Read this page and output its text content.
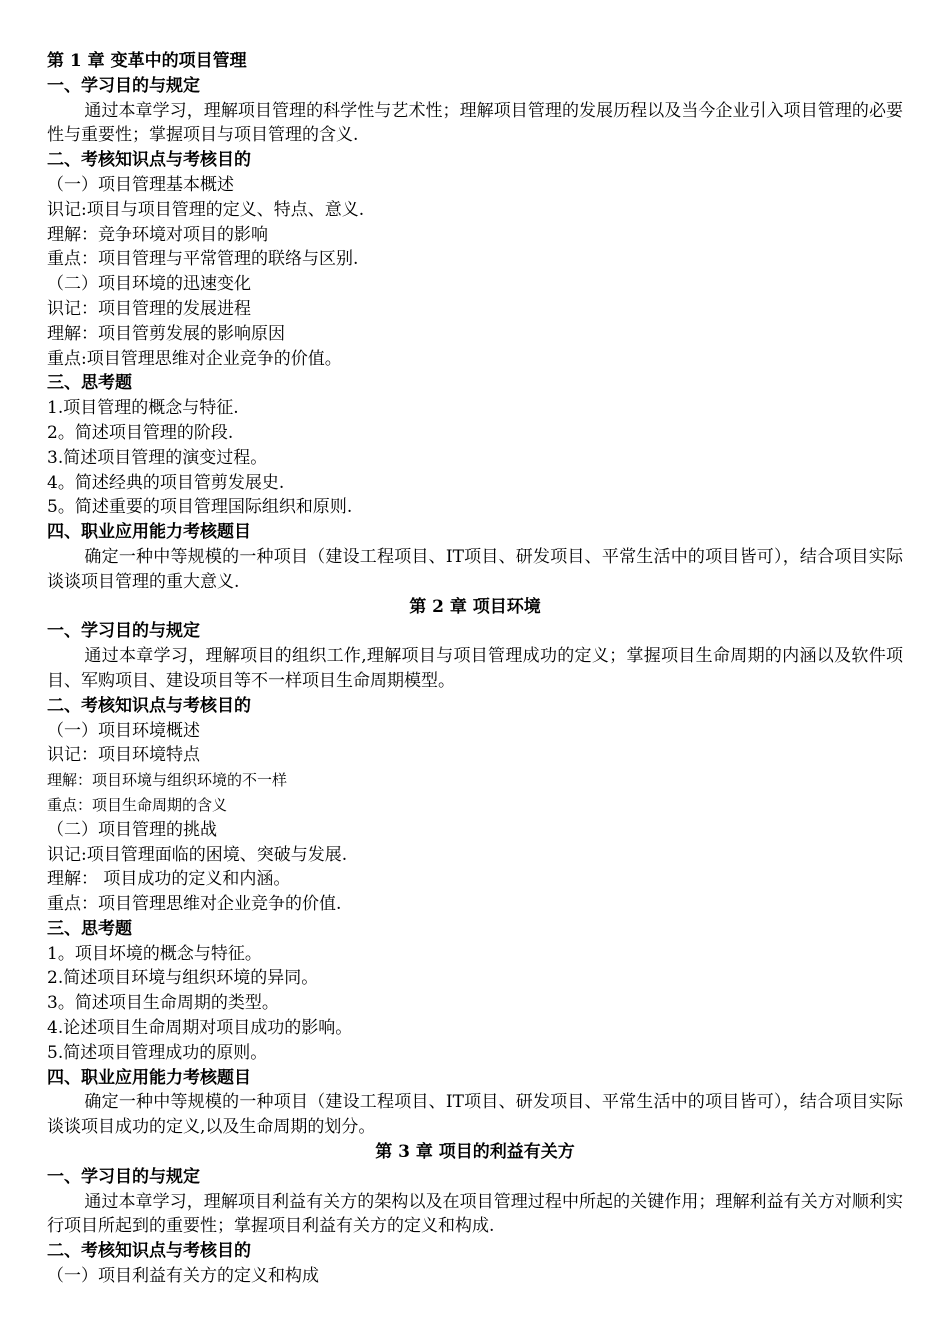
第 1 章 变革中的项目管理
一、学习目的与规定
通过本章学习，理解项目管理的科学性与艺术性；理解项目管理的发展历程以及当今企业引入项目管理的必要性与重要性；掌握项目与项目管理的含义.
二、考核知识点与考核目的
（一）项目管理基本概述
识记:项目与项目管理的定义、特点、意义.
理解：竞争环境对项目的影响
重点：项目管理与平常管理的联络与区别.
（二）项目环境的迅速变化
识记：项目管理的发展进程
理解：项目管剪发展的影响原因
重点:项目管理思维对企业竞争的价值。
三、思考题
1.项目管理的概念与特征.
2。简述项目管理的阶段.
3.简述项目管理的演变过程。
4。简述经典的项目管剪发展史.
5。简述重要的项目管理国际组织和原则.
四、职业应用能力考核题目
确定一种中等规模的一种项目（建设工程项目、IT项目、研发项目、平常生活中的项目皆可），结合项目实际谈谈项目管理的重大意义.
第 2 章 项目环境
一、学习目的与规定
通过本章学习，理解项目的组织工作,理解项目与项目管理成功的定义；掌握项目生命周期的内涵以及软件项目、军购项目、建设项目等不一样项目生命周期模型。
二、考核知识点与考核目的
（一）项目环境概述
识记：项目环境特点
理解：项目环境与组织环境的不一样
重点：项目生命周期的含义
（二）项目管理的挑战
识记:项目管理面临的困境、突破与发展.
理解： 项目成功的定义和内涵。
重点：项目管理思维对企业竞争的价值.
三、思考题
1。项目坏境的概念与特征。
2.简述项目环境与组织环境的异同。
3。简述项目生命周期的类型。
4.论述项目生命周期对项目成功的影响。
5.简述项目管理成功的原则。
四、职业应用能力考核题目
确定一种中等规模的一种项目（建设工程项目、IT项目、研发项目、平常生活中的项目皆可），结合项目实际谈谈项目成功的定义,以及生命周期的划分。
第 3 章 项目的利益有关方
一、学习目的与规定
通过本章学习，理解项目利益有关方的架构以及在项目管理过程中所起的关键作用；理解利益有关方对顺利实行项目所起到的重要性；掌握项目利益有关方的定义和构成.
二、考核知识点与考核目的
（一）项目利益有关方的定义和构成
